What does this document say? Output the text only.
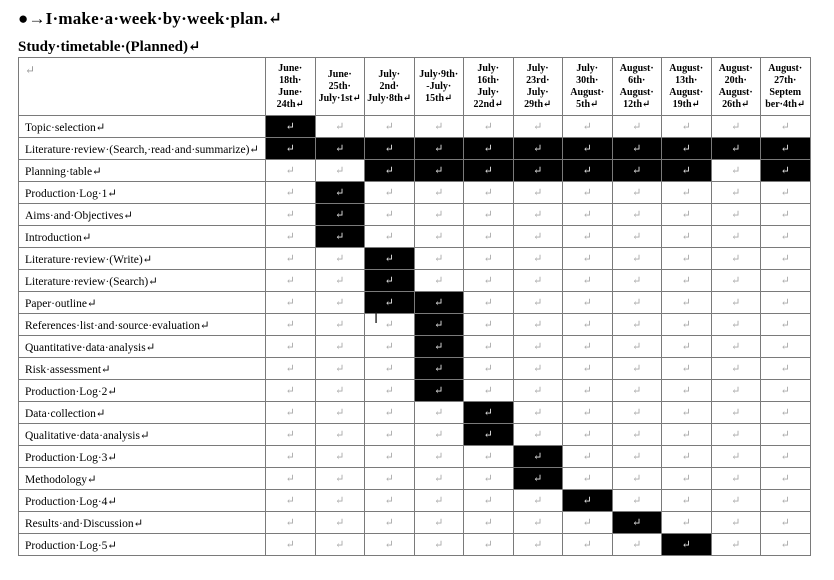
●→I·make·a·week·by·week·plan.↵
Study·timetable·(Planned)↵
↵	June·
18th·
June·
24th↵	June·
25th·
July·1st↵	July·
2nd·
July·8th↵	July·9th·
-July·
15th↵	July·
16th·
July·
22nd↵	July·
23rd·
July·
29th↵	July·
30th·
August·
5th↵	August·
6th·
August·
12th↵	August·
13th·
August·
19th↵	August·
20th·
August·
26th↵	August·
27th·
Septem
ber·4th↵
Topic·selection↵	↵	↵	↵	↵	↵	↵	↵	↵	↵	↵	↵
Literature·review·(Search,·read·and·summarize)↵	↵	↵	↵	↵	↵	↵	↵	↵	↵	↵	↵
Planning·table↵	↵	↵	↵	↵	↵	↵	↵	↵	↵	↵	↵
Production·Log·1↵	↵	↵	↵	↵	↵	↵	↵	↵	↵	↵	↵
Aims·and·Objectives↵	↵	↵	↵	↵	↵	↵	↵	↵	↵	↵	↵
Introduction↵	↵	↵	↵	↵	↵	↵	↵	↵	↵	↵	↵
Literature·review·(Write)↵	↵	↵	↵	↵	↵	↵	↵	↵	↵	↵	↵
Literature·review·(Search)↵	↵	↵	↵	↵	↵	↵	↵	↵	↵	↵	↵
Paper·outline↵	↵	↵	↵	↵	↵	↵	↵	↵	↵	↵	↵
References·list·and·source·evaluation↵	↵	↵	↵	↵	↵	↵	↵	↵	↵	↵	↵
Quantitative·data·analysis↵	↵	↵	↵	↵	↵	↵	↵	↵	↵	↵	↵
Risk·assessment↵	↵	↵	↵	↵	↵	↵	↵	↵	↵	↵	↵
Production·Log·2↵	↵	↵	↵	↵	↵	↵	↵	↵	↵	↵	↵
Data·collection↵	↵	↵	↵	↵	↵	↵	↵	↵	↵	↵	↵
Qualitative·data·analysis↵	↵	↵	↵	↵	↵	↵	↵	↵	↵	↵	↵
Production·Log·3↵	↵	↵	↵	↵	↵	↵	↵	↵	↵	↵	↵
Methodology↵	↵	↵	↵	↵	↵	↵	↵	↵	↵	↵	↵
Production·Log·4↵	↵	↵	↵	↵	↵	↵	↵	↵	↵	↵	↵
Results·and·Discussion↵	↵	↵	↵	↵	↵	↵	↵	↵	↵	↵	↵
Production·Log·5↵	↵	↵	↵	↵	↵	↵	↵	↵	↵	↵	↵
Ι
